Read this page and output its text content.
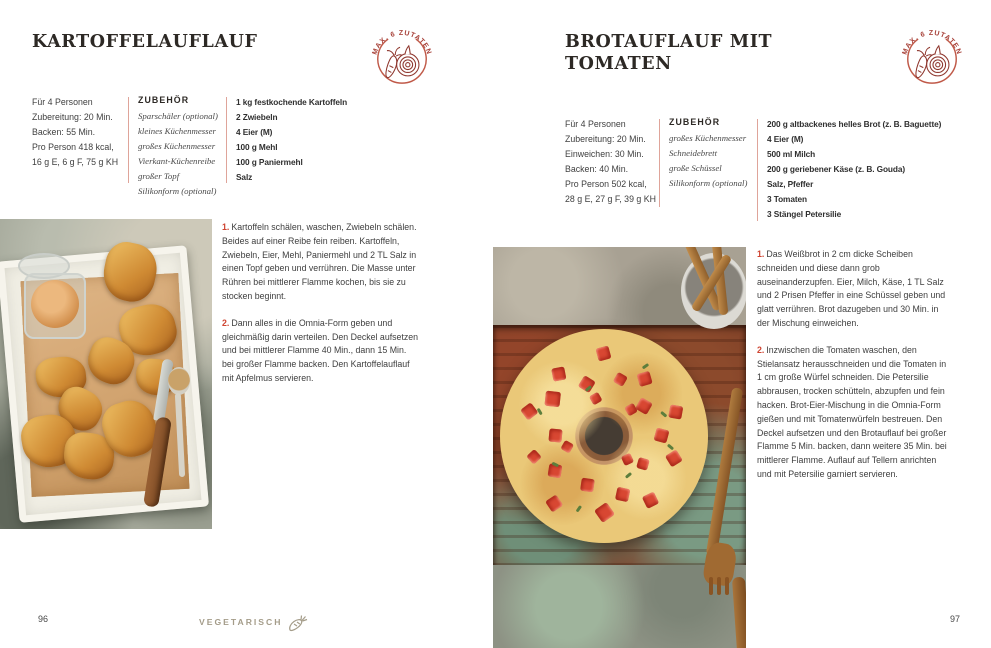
KARTOFFELAUFLAUF
Für 4 Personen
Zubereitung: 20 Min.
Backen: 55 Min.
Pro Person 418 kcal,
16 g E, 6 g F, 75 g KH
ZUBEHÖR
Sparschäler (optional)
kleines Küchenmesser
großes Küchenmesser
Vierkant-Küchenreibe
großer Topf
Silikonform (optional)
1 kg festkochende Kartoffeln
2 Zwiebeln
4 Eier (M)
100 g Mehl
100 g Paniermehl
Salz

1. Kartoffeln schälen, waschen, Zwiebeln schälen. Beides auf einer Reibe fein reiben. Kartoffeln, Zwiebeln, Eier, Mehl, Paniermehl und 2 TL Salz in einen Topf geben und verrühren. Die Masse unter Rühren bei mittlerer Flamme kochen, bis sie zu stocken beginnt.

2. Dann alles in die Omnia-Form geben und gleichmäßig darin verteilen. Den Deckel aufsetzen und bei mittlerer Flamme 40 Min., dann 15 Min. bei großer Flamme backen. Den Kartoffelauflauf mit Apfelmus servieren.

BROTAUFLAUF MIT
TOMATEN
Für 4 Personen
Zubereitung: 20 Min.
Einweichen: 30 Min.
Backen: 40 Min.
Pro Person 502 kcal,
28 g E, 27 g F, 39 g KH
ZUBEHÖR
großes Küchenmesser
Schneidebrett
große Schüssel
Silikonform (optional)
200 g altbackenes helles Brot (z. B. Baguette)
4 Eier (M)
500 ml Milch
200 g geriebener Käse (z. B. Gouda)
Salz, Pfeffer
3 Tomaten
3 Stängel Petersilie

1. Das Weißbrot in 2 cm dicke Scheiben schneiden und diese dann grob auseinanderzupfen. Eier, Milch, Käse, 1 TL Salz und 2 Prisen Pfeffer in eine Schüssel geben und glatt verrühren. Brot dazugeben und 30 Min. in der Mischung einweichen.

2. Inzwischen die Tomaten waschen, den Stielansatz herausschneiden und die Tomaten in 1 cm große Würfel schneiden. Die Petersilie abbrausen, trocken schütteln, abzupfen und fein hacken. Brot-Eier-Mischung in die Omnia-Form gießen und mit Tomatenwürfeln bestreuen. Den Deckel aufsetzen und den Brotauflauf bei großer Flamme 5 Min. backen, dann weitere 35 Min. bei mittlerer Flamme. Auflauf auf Tellern anrichten und mit Petersilie garniert servieren.

96	VEGETARISCH	97
